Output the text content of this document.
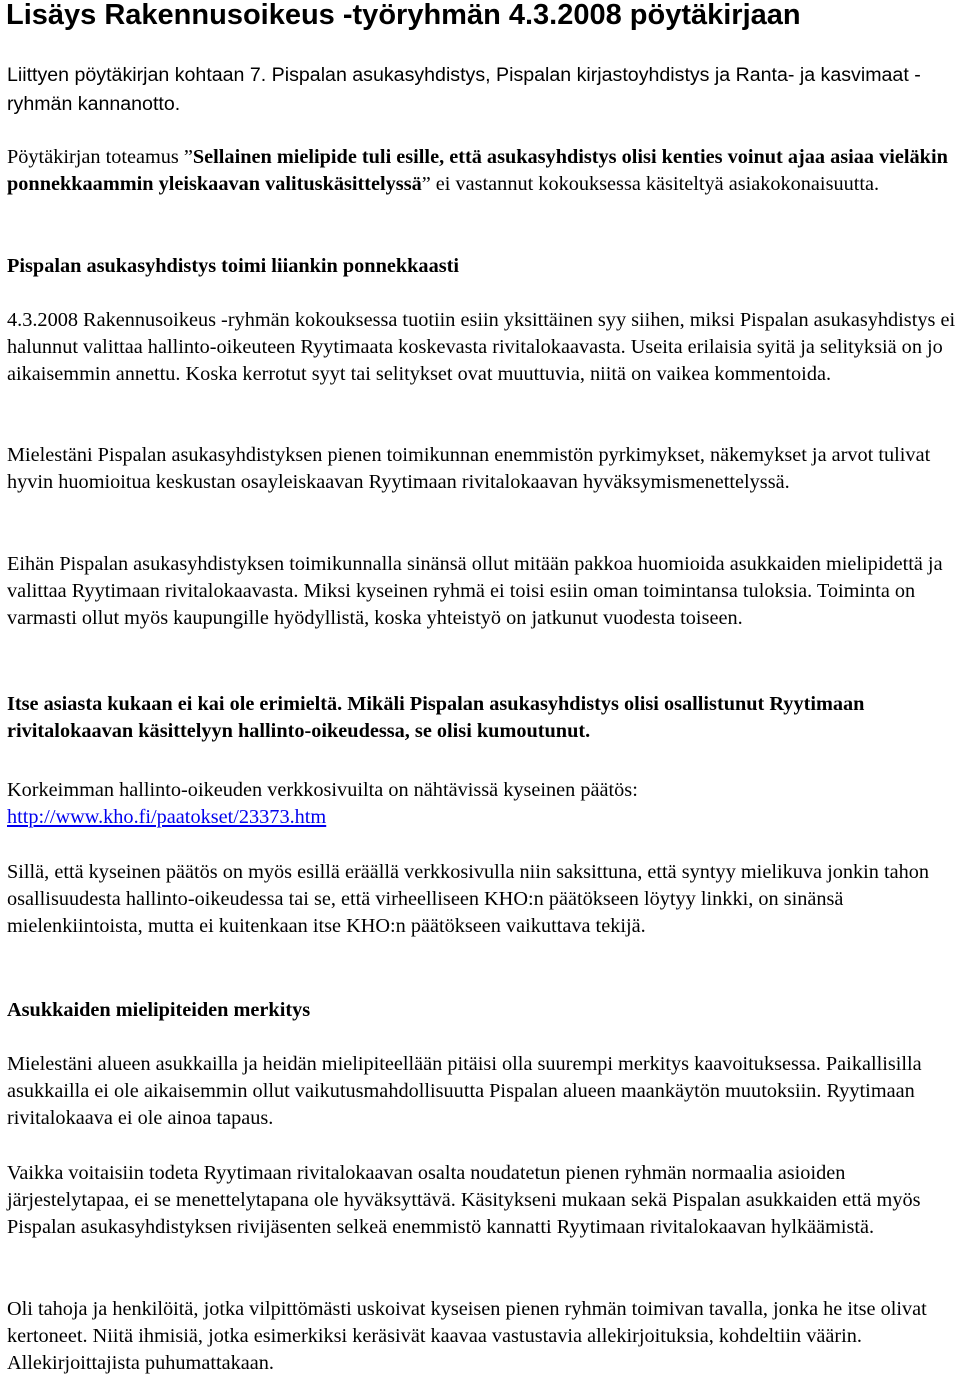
Lisäys Rakennusoikeus -työryhmän 4.3.2008 pöytäkirjaan

Liittyen pöytäkirjan kohtaan 7. Pispalan asukasyhdistys, Pispalan kirjastoyhdistys ja Ranta- ja kasvimaat -ryhmän kannanotto.

Pöytäkirjan toteamus ”Sellainen mielipide tuli esille, että asukasyhdistys olisi kenties voinut ajaa asiaa vieläkin ponnekkaammin yleiskaavan valituskäsittelyssä” ei vastannut kokouksessa käsiteltyä asiakokonaisuutta.

Pispalan asukasyhdistys toimi liiankin ponnekkaasti

4.3.2008 Rakennusoikeus -ryhmän kokouksessa tuotiin esiin yksittäinen syy siihen, miksi Pispalan asukasyhdistys ei halunnut valittaa hallinto-oikeuteen Ryytimaata koskevasta rivitalokaavasta. Useita erilaisia syitä ja selityksiä on jo aikaisemmin annettu. Koska kerrotut syyt tai selitykset ovat muuttuvia, niitä on vaikea kommentoida.

Mielestäni Pispalan asukasyhdistyksen pienen toimikunnan enemmistön pyrkimykset, näkemykset ja arvot tulivat hyvin huomioitua keskustan osayleiskaavan Ryytimaan rivitalokaavan hyväksymismenettelyssä.

Eihän Pispalan asukasyhdistyksen toimikunnalla sinänsä ollut mitään pakkoa huomioida asukkaiden mielipidettä ja valittaa Ryytimaan rivitalokaavasta. Miksi kyseinen ryhmä ei toisi esiin oman toimintansa tuloksia. Toiminta on varmasti ollut myös kaupungille hyödyllistä, koska yhteistyö on jatkunut vuodesta toiseen.

Itse asiasta kukaan ei kai ole erimieltä. Mikäli Pispalan asukasyhdistys olisi osallistunut Ryytimaan rivitalokaavan käsittelyyn hallinto-oikeudessa, se olisi kumoutunut.

Korkeimman hallinto-oikeuden verkkosivuilta on nähtävissä kyseinen päätös:
http://www.kho.fi/paatokset/23373.htm

Sillä, että kyseinen päätös on myös esillä eräällä verkkosivulla niin saksittuna, että syntyy mielikuva jonkin tahon osallisuudesta hallinto-oikeudessa tai se, että virheelliseen KHO:n päätökseen löytyy linkki, on sinänsä mielenkiintoista, mutta ei kuitenkaan itse KHO:n päätökseen vaikuttava tekijä.

Asukkaiden mielipiteiden merkitys

Mielestäni alueen asukkailla ja heidän mielipiteellään pitäisi olla suurempi merkitys kaavoituksessa. Paikallisilla asukkailla ei ole aikaisemmin ollut vaikutusmahdollisuutta Pispalan alueen maankäytön muutoksiin. Ryytimaan rivitalokaava ei ole ainoa tapaus.

Vaikka voitaisiin todeta Ryytimaan rivitalokaavan osalta noudatetun pienen ryhmän normaalia asioiden järjestelytapaa, ei se menettelytapana ole hyväksyttävä. Käsitykseni mukaan sekä Pispalan asukkaiden että myös Pispalan asukasyhdistyksen rivijäsenten selkeä enemmistö kannatti Ryytimaan rivitalokaavan hylkäämistä.

Oli tahoja ja henkilöitä, jotka vilpittömästi uskoivat kyseisen pienen ryhmän toimivan tavalla, jonka he itse olivat kertoneet. Niitä ihmisiä, jotka esimerkiksi keräsivät kaavaa vastustavia allekirjoituksia, kohdeltiin väärin. Allekirjoittajista puhumattakaan.
